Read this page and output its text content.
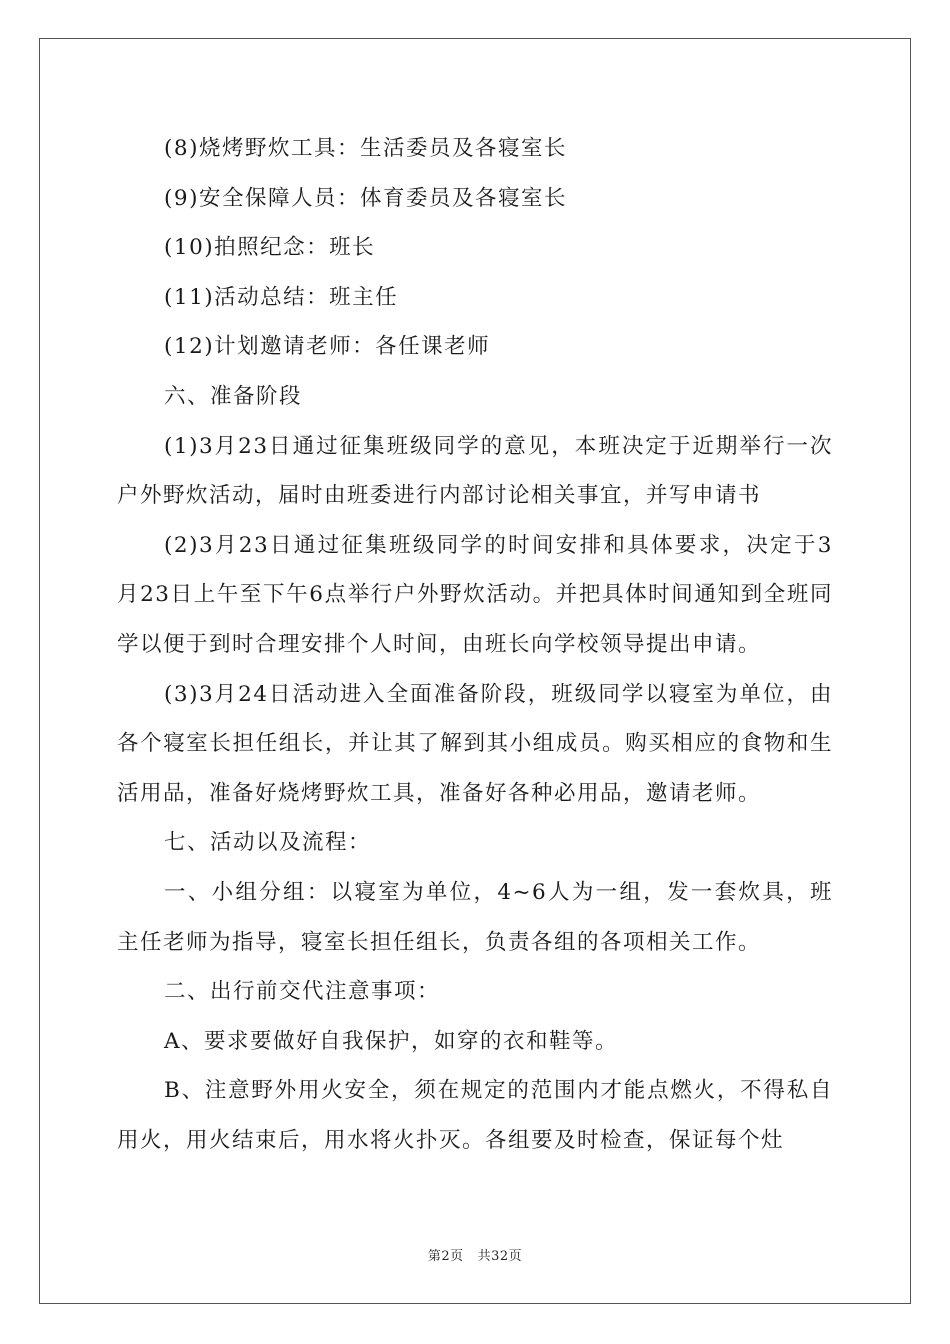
(8)烧烤野炊工具：生活委员及各寝室长

(9)安全保障人员：体育委员及各寝室长

(10)拍照纪念：班长

(11)活动总结：班主任

(12)计划邀请老师：各任课老师

六、准备阶段

(1)3月23日通过征集班级同学的意见，本班决定于近期举行一次户外野炊活动，届时由班委进行内部讨论相关事宜，并写申请书

(2)3月23日通过征集班级同学的时间安排和具体要求，决定于3月23日上午至下午6点举行户外野炊活动。并把具体时间通知到全班同学以便于到时合理安排个人时间，由班长向学校领导提出申请。

(3)3月24日活动进入全面准备阶段，班级同学以寝室为单位，由各个寝室长担任组长，并让其了解到其小组成员。购买相应的食物和生活用品，准备好烧烤野炊工具，准备好各种必用品，邀请老师。

七、活动以及流程：

一、小组分组：以寝室为单位，4~6人为一组，发一套炊具，班主任老师为指导，寝室长担任组长，负责各组的各项相关工作。

二、出行前交代注意事项：

A、要求要做好自我保护，如穿的衣和鞋等。

B、注意野外用火安全，须在规定的范围内才能点燃火，不得私自用火，用火结束后，用水将火扑灭。各组要及时检查，保证每个灶

第2页 共32页
